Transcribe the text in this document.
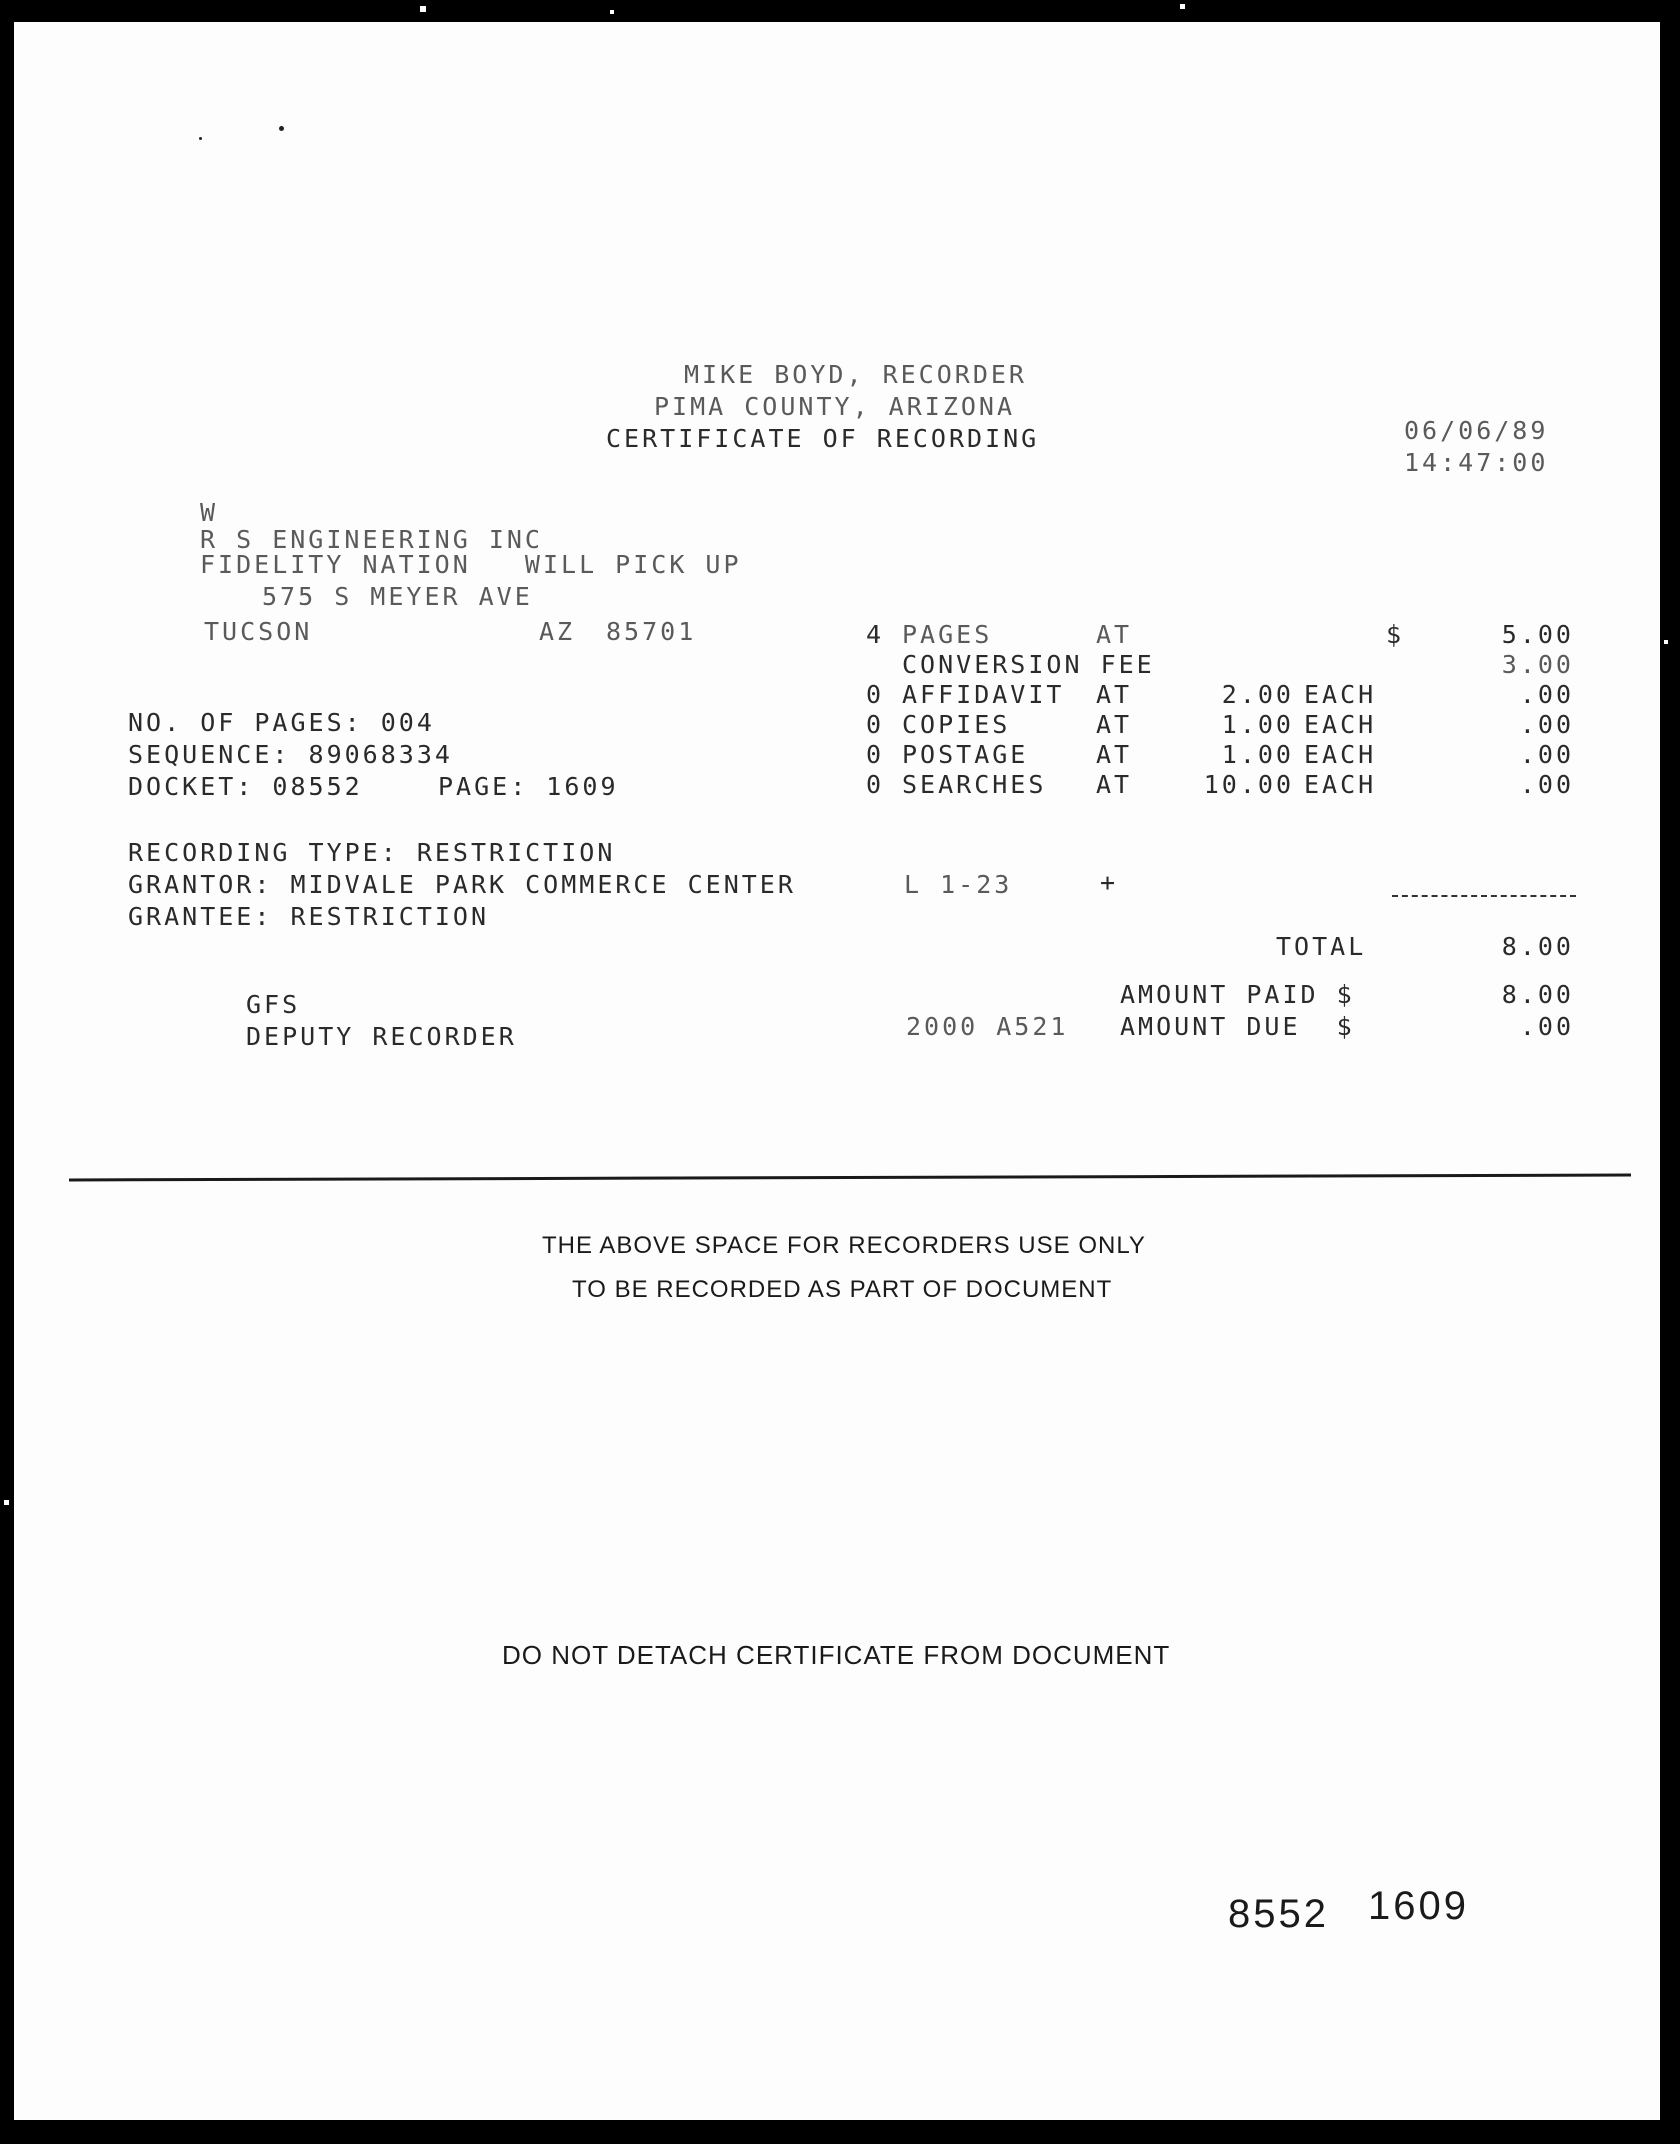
MIKE BOYD, RECORDER
PIMA COUNTY, ARIZONA
CERTIFICATE OF RECORDING	06/06/89
14:47:00
W
R S ENGINEERING INC
FIDELITY NATION   WILL PICK UP
575 S MEYER AVE
TUCSON	AZ 85701
NO. OF PAGES: 004
SEQUENCE: 89068334
DOCKET: 08552	PAGE: 1609
RECORDING TYPE: RESTRICTION
GRANTOR: MIDVALE PARK COMMERCE CENTER	L 1-23	+
GRANTEE: RESTRICTION
4 PAGES	AT	$	5.00
CONVERSION FEE	3.00
0 AFFIDAVIT AT	2.00 EACH	.00
0 COPIES	AT	1.00 EACH	.00
0 POSTAGE	AT	1.00 EACH	.00
0 SEARCHES AT	10.00 EACH	.00
TOTAL	8.00
GFS	AMOUNT PAID $	8.00
DEPUTY RECORDER	2000 A521 AMOUNT DUE  $	.00
THE ABOVE SPACE FOR RECORDERS USE ONLY
TO BE RECORDED AS PART OF DOCUMENT
DO NOT DETACH CERTIFICATE FROM DOCUMENT
8552 1609
